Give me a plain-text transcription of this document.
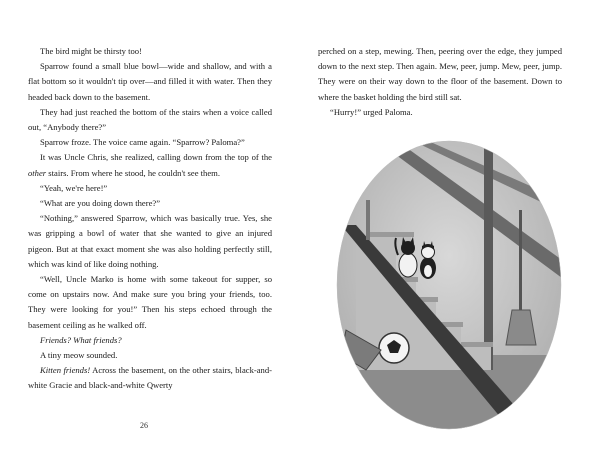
The bird might be thirsty too!

Sparrow found a small blue bowl—wide and shallow, and with a flat bottom so it wouldn't tip over—and filled it with water. Then they headed back down to the basement.

They had just reached the bottom of the stairs when a voice called out, “Anybody there?”

Sparrow froze. The voice came again. “Sparrow? Paloma?”

It was Uncle Chris, she realized, calling down from the top of the other stairs. From where he stood, he couldn't see them.

“Yeah, we're here!”

“What are you doing down there?”

“Nothing,” answered Sparrow, which was basically true. Yes, she was gripping a bowl of water that she wanted to give an injured pigeon. But at that exact moment she was also holding perfectly still, which was kind of like doing nothing.

“Well, Uncle Marko is home with some takeout for supper, so come on upstairs now. And make sure you bring your friends, too. They were looking for you!” Then his steps echoed through the basement ceiling as he walked off.

Friends? What friends?

A tiny meow sounded.

Kitten friends! Across the basement, on the other stairs, black-and-white Gracie and black-and-white Qwerty

26

perched on a step, mewing. Then, peering over the edge, they jumped down to the next step. Then again. Mew, peer, jump. Mew, peer, jump. They were on their way down to the floor of the basement. Down to where the basket holding the bird still sat.

“Hurry!” urged Paloma.
